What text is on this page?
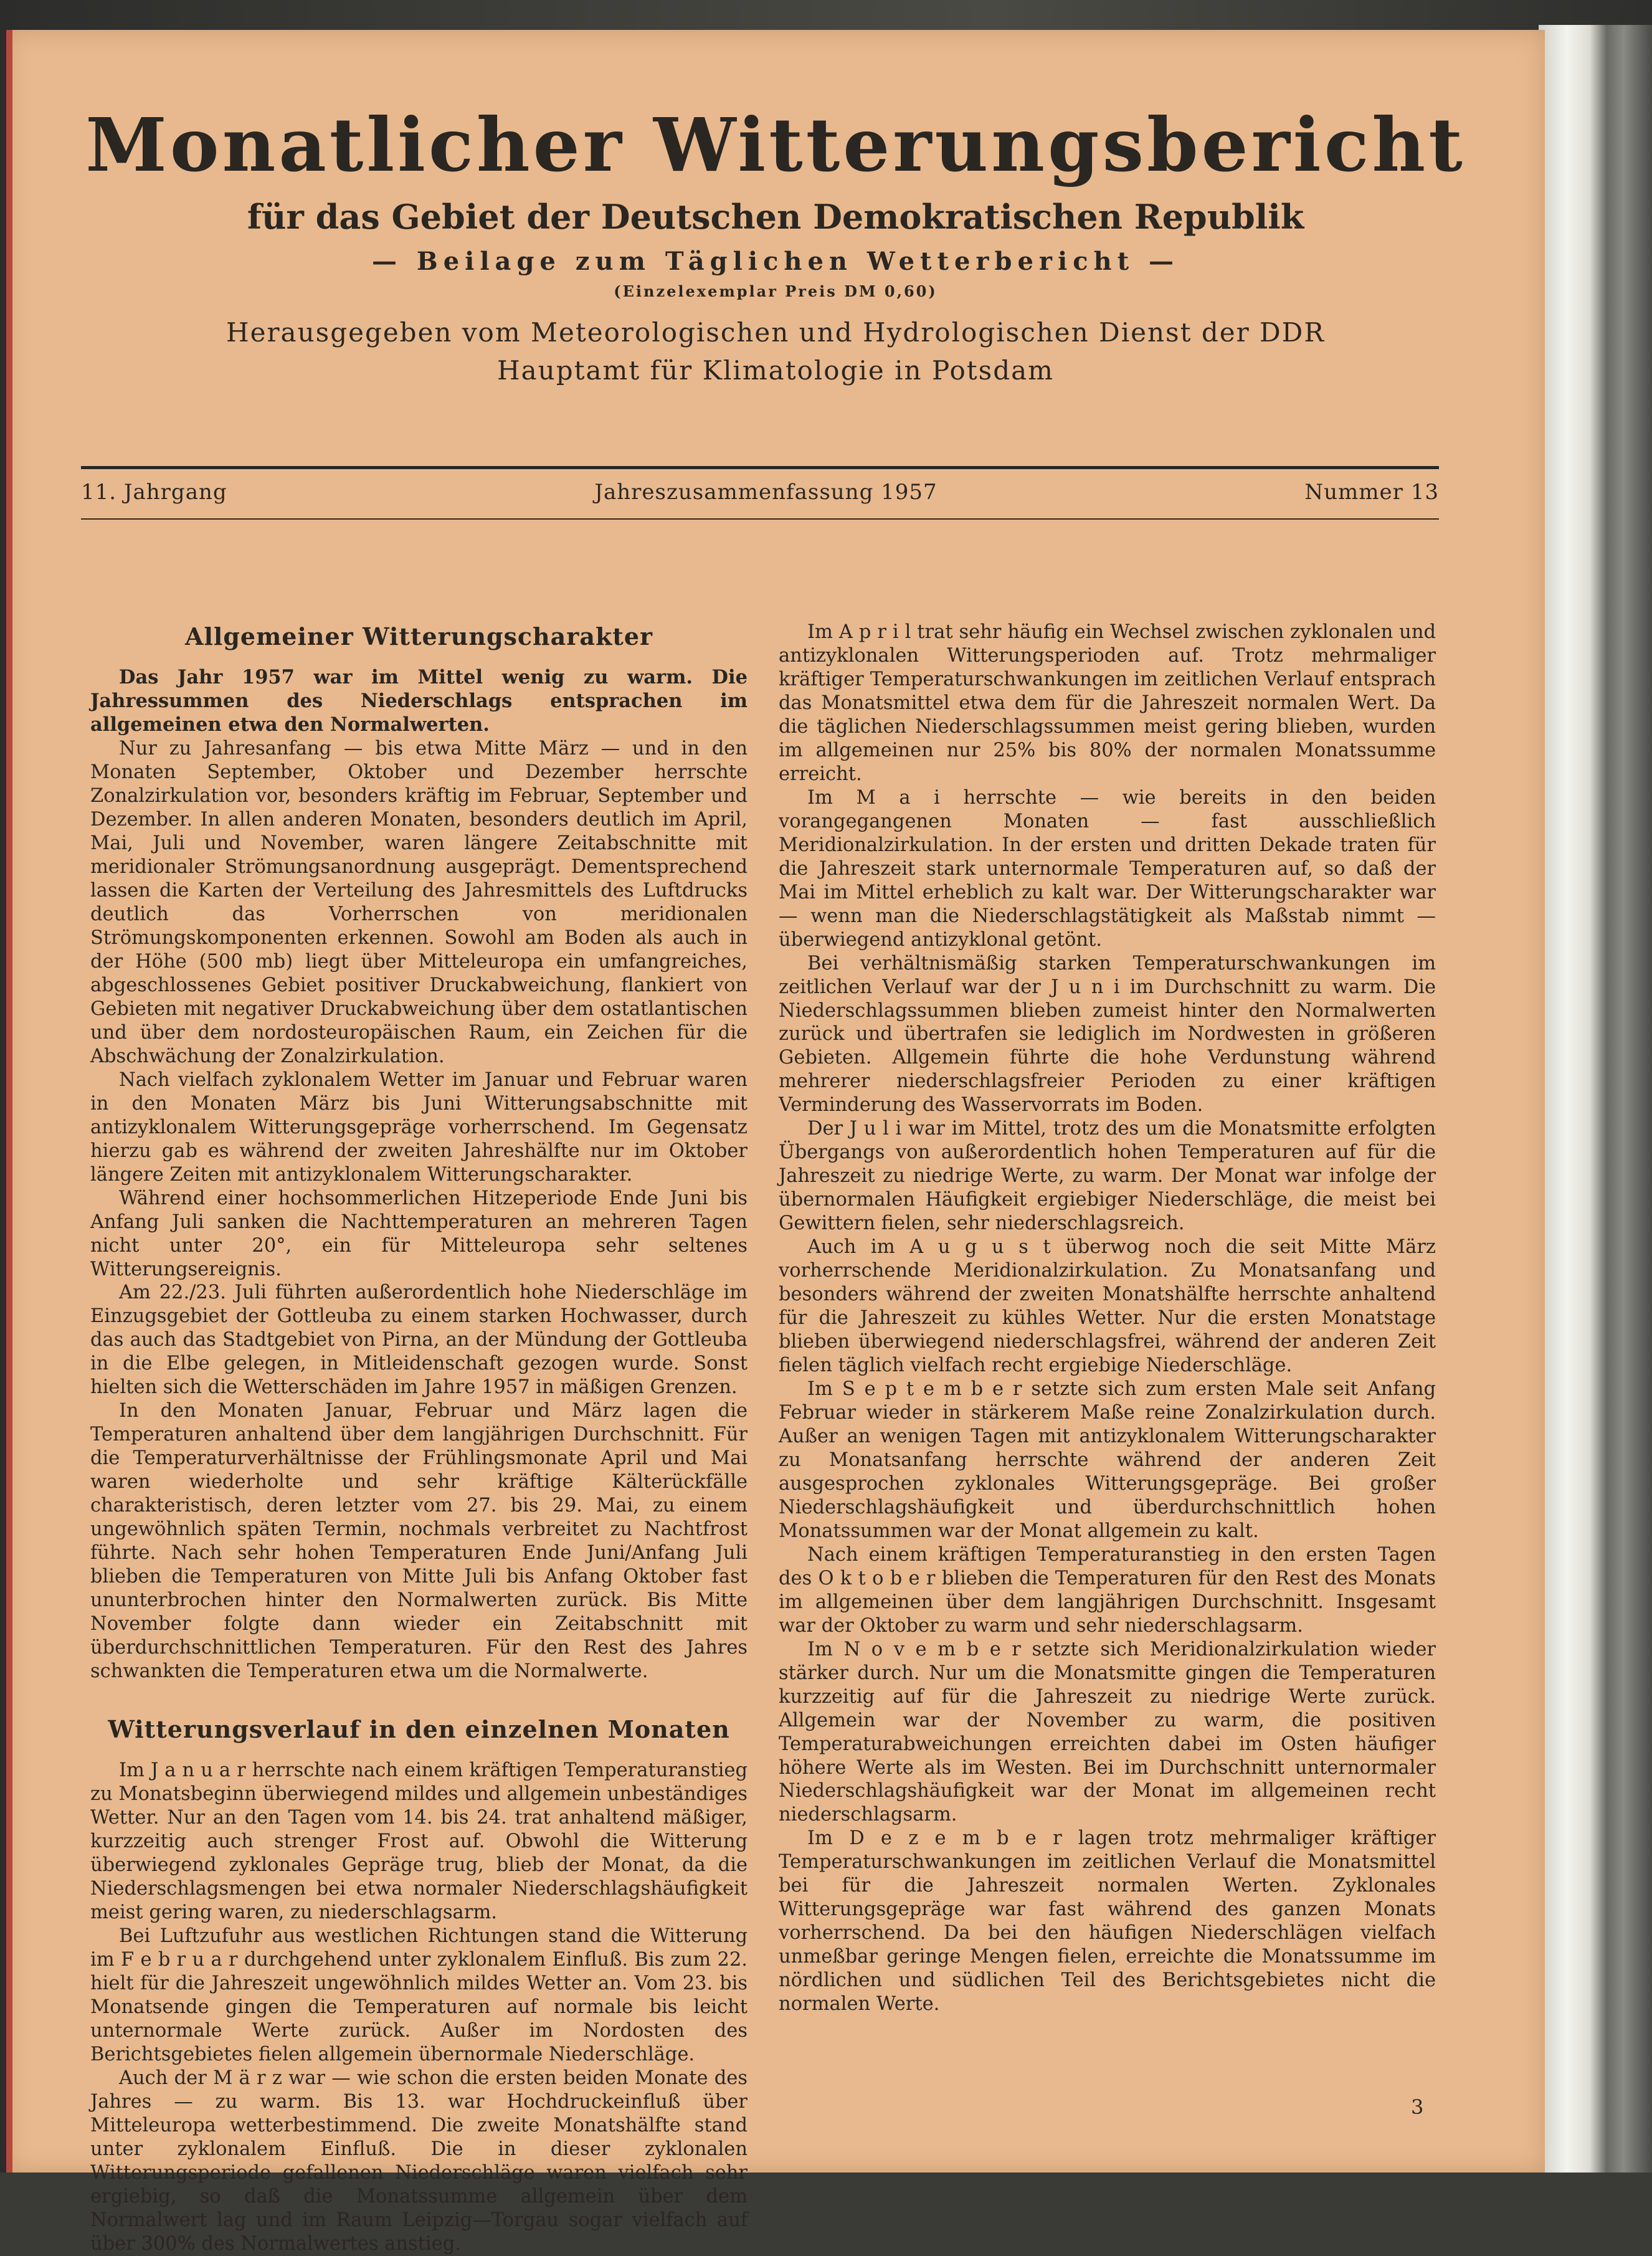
Monatlicher Witterungsbericht
für das Gebiet der Deutschen Demokratischen Republik
— Beilage zum Täglichen Wetterbericht —
(Einzelexemplar Preis DM 0,60)
Herausgegeben vom Meteorologischen und Hydrologischen Dienst der DDR
Hauptamt für Klimatologie in Potsdam
11. Jahrgang	Jahreszusammenfassung 1957	Nummer 13
Allgemeiner Witterungscharakter

Das Jahr 1957 war im Mittel wenig zu warm. Die Jahressummen des Niederschlags entsprachen im allgemeinen etwa den Normalwerten.

Nur zu Jahresanfang — bis etwa Mitte März — und in den Monaten September, Oktober und Dezember herrschte Zonalzirkulation vor, besonders kräftig im Februar, September und Dezember. In allen anderen Monaten, besonders deutlich im April, Mai, Juli und November, waren längere Zeitabschnitte mit meridionaler Strömungsanordnung ausgeprägt. Dementsprechend lassen die Karten der Verteilung des Jahresmittels des Luftdrucks deutlich das Vorherrschen von meridionalen Strömungskomponenten erkennen. Sowohl am Boden als auch in der Höhe (500 mb) liegt über Mitteleuropa ein umfangreiches, abgeschlossenes Gebiet positiver Druckabweichung, flankiert von Gebieten mit negativer Druckabweichung über dem ostatlantischen und über dem nordosteuropäischen Raum, ein Zeichen für die Abschwächung der Zonalzirkulation.

Nach vielfach zyklonalem Wetter im Januar und Februar waren in den Monaten März bis Juni Witterungsabschnitte mit antizyklonalem Witterungsgepräge vorherrschend. Im Gegensatz hierzu gab es während der zweiten Jahreshälfte nur im Oktober längere Zeiten mit antizyklonalem Witterungscharakter.

Während einer hochsommerlichen Hitzeperiode Ende Juni bis Anfang Juli sanken die Nachttemperaturen an mehreren Tagen nicht unter 20°, ein für Mitteleuropa sehr seltenes Witterungsereignis.

Am 22./23. Juli führten außerordentlich hohe Niederschläge im Einzugsgebiet der Gottleuba zu einem starken Hochwasser, durch das auch das Stadtgebiet von Pirna, an der Mündung der Gottleuba in die Elbe gelegen, in Mitleidenschaft gezogen wurde. Sonst hielten sich die Wetterschäden im Jahre 1957 in mäßigen Grenzen.

In den Monaten Januar, Februar und März lagen die Temperaturen anhaltend über dem langjährigen Durchschnitt. Für die Temperaturverhältnisse der Frühlingsmonate April und Mai waren wiederholte und sehr kräftige Kälterückfälle charakteristisch, deren letzter vom 27. bis 29. Mai, zu einem ungewöhnlich späten Termin, nochmals verbreitet zu Nachtfrost führte. Nach sehr hohen Temperaturen Ende Juni/Anfang Juli blieben die Temperaturen von Mitte Juli bis Anfang Oktober fast ununterbrochen hinter den Normalwerten zurück. Bis Mitte November folgte dann wieder ein Zeitabschnitt mit überdurchschnittlichen Temperaturen. Für den Rest des Jahres schwankten die Temperaturen etwa um die Normalwerte.

Witterungsverlauf in den einzelnen Monaten

Im J a n u a r herrschte nach einem kräftigen Temperaturanstieg zu Monatsbeginn überwiegend mildes und allgemein unbeständiges Wetter. Nur an den Tagen vom 14. bis 24. trat anhaltend mäßiger, kurzzeitig auch strenger Frost auf. Obwohl die Witterung überwiegend zyklonales Gepräge trug, blieb der Monat, da die Niederschlagsmengen bei etwa normaler Niederschlagshäufigkeit meist gering waren, zu niederschlagsarm.

Bei Luftzufuhr aus westlichen Richtungen stand die Witterung im F e b r u a r durchgehend unter zyklonalem Einfluß. Bis zum 22. hielt für die Jahreszeit ungewöhnlich mildes Wetter an. Vom 23. bis Monatsende gingen die Temperaturen auf normale bis leicht unternormale Werte zurück. Außer im Nordosten des Berichtsgebietes fielen allgemein übernormale Niederschläge.

Auch der M ä r z war — wie schon die ersten beiden Monate des Jahres — zu warm. Bis 13. war Hochdruckeinfluß über Mitteleuropa wetterbestimmend. Die zweite Monatshälfte stand unter zyklonalem Einfluß. Die in dieser zyklonalen Witterungsperiode gefallenen Niederschläge waren vielfach sehr ergiebig, so daß die Monatssumme allgemein über dem Normalwert lag und im Raum Leipzig—Torgau sogar vielfach auf über 300% des Normalwertes anstieg.

Im A p r i l trat sehr häufig ein Wechsel zwischen zyklonalen und antizyklonalen Witterungsperioden auf. Trotz mehrmaliger kräftiger Temperaturschwankungen im zeitlichen Verlauf entsprach das Monatsmittel etwa dem für die Jahreszeit normalen Wert. Da die täglichen Niederschlagssummen meist gering blieben, wurden im allgemeinen nur 25% bis 80% der normalen Monatssumme erreicht.

Im M a i herrschte — wie bereits in den beiden vorangegangenen Monaten — fast ausschließlich Meridionalzirkulation. In der ersten und dritten Dekade traten für die Jahreszeit stark unternormale Temperaturen auf, so daß der Mai im Mittel erheblich zu kalt war. Der Witterungscharakter war — wenn man die Niederschlagstätigkeit als Maßstab nimmt — überwiegend antizyklonal getönt.

Bei verhältnismäßig starken Temperaturschwankungen im zeitlichen Verlauf war der J u n i im Durchschnitt zu warm. Die Niederschlagssummen blieben zumeist hinter den Normalwerten zurück und übertrafen sie lediglich im Nordwesten in größeren Gebieten. Allgemein führte die hohe Verdunstung während mehrerer niederschlagsfreier Perioden zu einer kräftigen Verminderung des Wasservorrats im Boden.

Der J u l i war im Mittel, trotz des um die Monatsmitte erfolgten Übergangs von außerordentlich hohen Temperaturen auf für die Jahreszeit zu niedrige Werte, zu warm. Der Monat war infolge der übernormalen Häufigkeit ergiebiger Niederschläge, die meist bei Gewittern fielen, sehr niederschlagsreich.

Auch im A u g u s t überwog noch die seit Mitte März vorherrschende Meridionalzirkulation. Zu Monatsanfang und besonders während der zweiten Monatshälfte herrschte anhaltend für die Jahreszeit zu kühles Wetter. Nur die ersten Monatstage blieben überwiegend niederschlagsfrei, während der anderen Zeit fielen täglich vielfach recht ergiebige Niederschläge.

Im S e p t e m b e r setzte sich zum ersten Male seit Anfang Februar wieder in stärkerem Maße reine Zonalzirkulation durch. Außer an wenigen Tagen mit antizyklonalem Witterungscharakter zu Monatsanfang herrschte während der anderen Zeit ausgesprochen zyklonales Witterungsgepräge. Bei großer Niederschlagshäufigkeit und überdurchschnittlich hohen Monatssummen war der Monat allgemein zu kalt.

Nach einem kräftigen Temperaturanstieg in den ersten Tagen des O k t o b e r blieben die Temperaturen für den Rest des Monats im allgemeinen über dem langjährigen Durchschnitt. Insgesamt war der Oktober zu warm und sehr niederschlagsarm.

Im N o v e m b e r setzte sich Meridionalzirkulation wieder stärker durch. Nur um die Monatsmitte gingen die Temperaturen kurzzeitig auf für die Jahreszeit zu niedrige Werte zurück. Allgemein war der November zu warm, die positiven Temperaturabweichungen erreichten dabei im Osten häufiger höhere Werte als im Westen. Bei im Durchschnitt unternormaler Niederschlagshäufigkeit war der Monat im allgemeinen recht niederschlagsarm.

Im D e z e m b e r lagen trotz mehrmaliger kräftiger Temperaturschwankungen im zeitlichen Verlauf die Monatsmittel bei für die Jahreszeit normalen Werten. Zyklonales Witterungsgepräge war fast während des ganzen Monats vorherrschend. Da bei den häufigen Niederschlägen vielfach unmeßbar geringe Mengen fielen, erreichte die Monatssumme im nördlichen und südlichen Teil des Berichtsgebietes nicht die normalen Werte.

3
